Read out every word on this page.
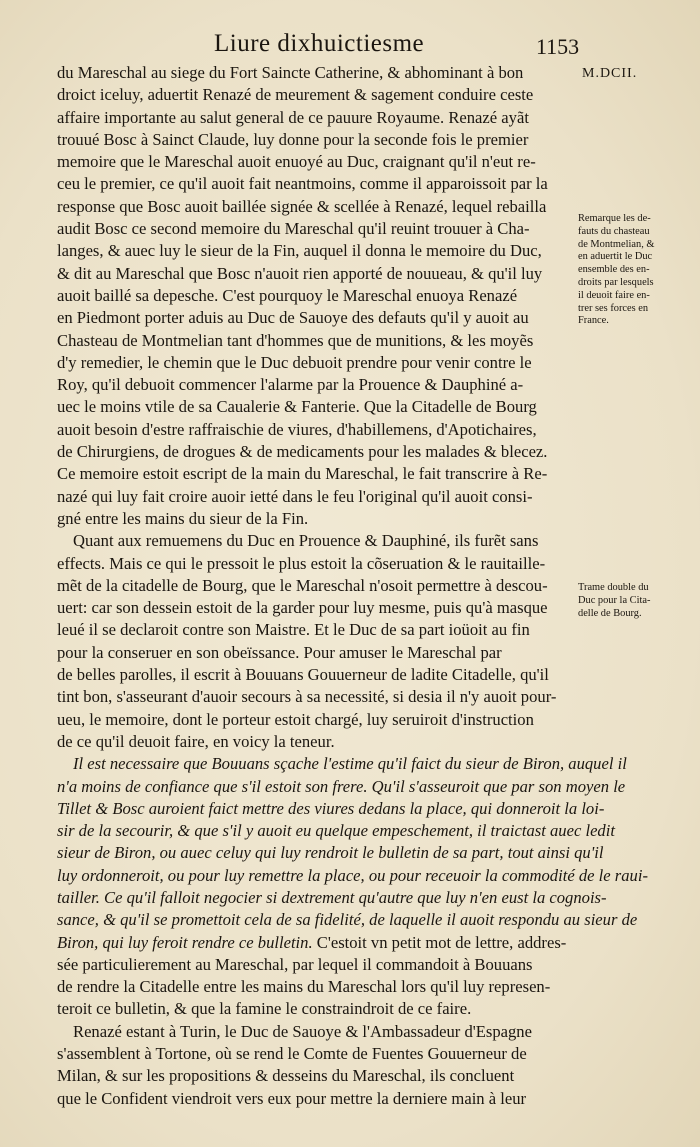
Liure dixhuictiesme	1153
M.DCII.
du Mareschal au siege du Fort Saincte Catherine, & abhominant à bon
droict iceluy, aduertit Renazé de meurement & sagement conduire ceste
affaire importante au salut general de ce pauure Royaume. Renazé ayãt
trouué Bosc à Sainct Claude, luy donne pour la seconde fois le premier
memoire que le Mareschal auoit enuoyé au Duc, craignant qu'il n'eut re-
ceu le premier, ce qu'il auoit fait neantmoins, comme il apparoissoit par la
response que Bosc auoit baillée signée & scellée à Renazé, lequel rebailla
audit Bosc ce second memoire du Mareschal qu'il reuint trouuer à Cha-
langes, & auec luy le sieur de la Fin, auquel il donna le memoire du Duc,
& dit au Mareschal que Bosc n'auoit rien apporté de nouueau, & qu'il luy
auoit baillé sa depesche. C'est pourquoy le Mareschal enuoya Renazé
en Piedmont porter aduis au Duc de Sauoye des defauts qu'il y auoit au
Chasteau de Montmelian tant d'hommes que de munitions, & les moyẽs
d'y remedier, le chemin que le Duc debuoit prendre pour venir contre le
Roy, qu'il debuoit commencer l'alarme par la Prouence & Dauphiné a-
uec le moins vtile de sa Caualerie & Fanterie. Que la Citadelle de Bourg
auoit besoin d'estre raffraischie de viures, d'habillemens, d'Apotichaires,
de Chirurgiens, de drogues & de medicaments pour les malades & blecez.
Ce memoire estoit escript de la main du Mareschal, le fait transcrire à Re-
nazé qui luy fait croire auoir ietté dans le feu l'original qu'il auoit consi-
gné entre les mains du sieur de la Fin.
Quant aux remuemens du Duc en Prouence & Dauphiné, ils furẽt sans
effects. Mais ce qui le pressoit le plus estoit la cõseruation & le rauitaille-
mẽt de la citadelle de Bourg, que le Mareschal n'osoit permettre à descou-
uert: car son dessein estoit de la garder pour luy mesme, puis qu'à masque
leué il se declaroit contre son Maistre. Et le Duc de sa part ioüoit au fin
pour la conseruer en son obeïssance. Pour amuser le Mareschal par
de belles parolles, il escrit à Bouuans Gouuerneur de ladite Citadelle, qu'il
tint bon, s'asseurant d'auoir secours à sa necessité, si desia il n'y auoit pour-
ueu, le memoire, dont le porteur estoit chargé, luy seruiroit d'instruction
de ce qu'il deuoit faire, en voicy la teneur.
Il est necessaire que Bouuans sçache l'estime qu'il faict du sieur de Biron, auquel il
n'a moins de confiance que s'il estoit son frere. Qu'il s'asseuroit que par son moyen le
Tillet & Bosc auroient faict mettre des viures dedans la place, qui donneroit la loi-
sir de la secourir, & que s'il y auoit eu quelque empeschement, il traictast auec ledit
sieur de Biron, ou auec celuy qui luy rendroit le bulletin de sa part, tout ainsi qu'il
luy ordonneroit, ou pour luy remettre la place, ou pour receuoir la commodité de le raui-
tailler. Ce qu'il falloit negocier si dextrement qu'autre que luy n'en eust la cognois-
sance, & qu'il se promettoit cela de sa fidelité, de laquelle il auoit respondu au sieur de
Biron, qui luy feroit rendre ce bulletin. C'estoit vn petit mot de lettre, addres-
sée particulierement au Mareschal, par lequel il commandoit à Bouuans
de rendre la Citadelle entre les mains du Mareschal lors qu'il luy represen-
teroit ce bulletin, & que la famine le constraindroit de ce faire.
Renazé estant à Turin, le Duc de Sauoye & l'Ambassadeur d'Espagne
s'assemblent à Tortone, où se rend le Comte de Fuentes Gouuerneur de
Milan, & sur les propositions & desseins du Mareschal, ils concluent
que le Confident viendroit vers eux pour mettre la derniere main à leur
Remarque les de-
fauts du chasteau
de Montmelian, &
en aduertit le Duc
ensemble des en-
droits par lesquels
il deuoit faire en-
trer ses forces en
France.
Trame double du
Duc pour la Cita-
delle de Bourg.
